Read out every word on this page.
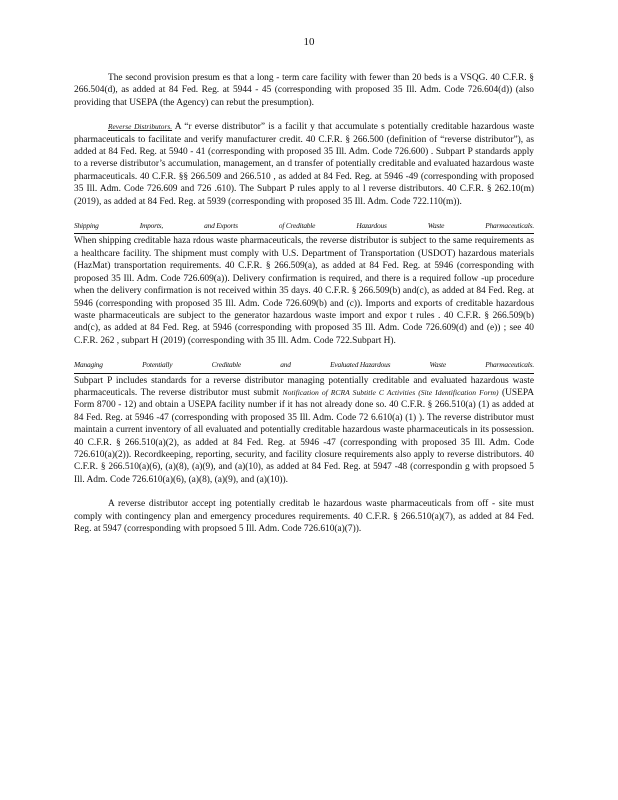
10

The second provision presum es that a long - term care facility with fewer than 20 beds is a VSQG. 40 C.F.R. § 266.504(d), as added at 84 Fed. Reg. at 5944 - 45 (corresponding with proposed 35 Ill. Adm. Code 726.604(d)) (also providing that USEPA (the Agency) can rebut the presumption).

Reverse Distributors. A “r everse distributor” is a facilit y that accumulate s potentially creditable hazardous waste pharmaceuticals to facilitate and verify manufacturer credit. 40 C.F.R. § 266.500 (definition of “reverse distributor”), as added at 84 Fed. Reg. at 5940 - 41 (corresponding with proposed 35 Ill. Adm. Code 726.600) . Subpart P standards apply to a reverse distributor’s accumulation, management, an d transfer of potentially creditable and evaluated hazardous waste pharmaceuticals. 40 C.F.R. §§ 266.509 and 266.510 , as added at 84 Fed. Reg. at 5946 -49 (corresponding with proposed 35 Ill. Adm. Code 726.609 and 726 .610). The Subpart P rules apply to al l reverse distributors. 40 C.F.R. § 262.10(m) (2019), as added at 84 Fed. Reg. at 5939 (corresponding with proposed 35 Ill. Adm. Code 722.110(m)).

Shipping	Imports,	and Exports	of Creditable	Hazardous	Waste	Pharmaceuticals.

When shipping creditable haza rdous waste pharmaceuticals, the reverse distributor is subject to the same requirements as a healthcare facility. The shipment must comply with U.S. Department of Transportation (USDOT) hazardous materials (HazMat) transportation requirements. 40 C.F.R. § 266.509(a), as added at 84 Fed. Reg. at 5946 (corresponding with proposed 35 Ill. Adm. Code 726.609(a)). Delivery confirmation is required, and there is a required follow -up procedure when the delivery confirmation is not received within 35 days. 40 C.F.R. § 266.509(b) and(c), as added at 84 Fed. Reg. at 5946 (corresponding with proposed 35 Ill. Adm. Code 726.609(b) and (c)). Imports and exports of creditable hazardous waste pharmaceuticals are subject to the generator hazardous waste import and expor t rules . 40 C.F.R. § 266.509(b) and(c), as added at 84 Fed. Reg. at 5946 (corresponding with proposed 35 Ill. Adm. Code 726.609(d) and (e)) ; see 40 C.F.R. 262 , subpart H (2019) (corresponding with 35 Ill. Adm. Code 722.Subpart H).

Managing	Potentially	Creditable	and	Evaluated Hazardous	Waste	Pharmaceuticals.

Subpart P includes standards for a reverse distributor managing potentially creditable and evaluated hazardous waste pharmaceuticals. The reverse distributor must submit Notification of RCRA Subtitle C Activities (Site Identification Form) (USEPA Form 8700 - 12) and obtain a USEPA facility number if it has not already done so. 40 C.F.R. § 266.510(a) (1) as added at 84 Fed. Reg. at 5946 -47 (corresponding with proposed 35 Ill. Adm. Code 72 6.610(a) (1) ). The reverse distributor must maintain a current inventory of all evaluated and potentially creditable hazardous waste pharmaceuticals in its possession. 40 C.F.R. § 266.510(a)(2), as added at 84 Fed. Reg. at 5946 -47 (corresponding with proposed 35 Ill. Adm. Code 726.610(a)(2)). Recordkeeping, reporting, security, and facility closure requirements also apply to reverse distributors. 40 C.F.R. § 266.510(a)(6), (a)(8), (a)(9), and (a)(10), as added at 84 Fed. Reg. at 5947 -48 (correspondin g with propsoed 5 Ill. Adm. Code 726.610(a)(6), (a)(8), (a)(9), and (a)(10)).

A reverse distributor accept ing potentially creditab le hazardous waste pharmaceuticals from off - site must comply with contingency plan and emergency procedures requirements. 40 C.F.R. § 266.510(a)(7), as added at 84 Fed. Reg. at 5947 (corresponding with propsoed 5 Ill. Adm. Code 726.610(a)(7)).
